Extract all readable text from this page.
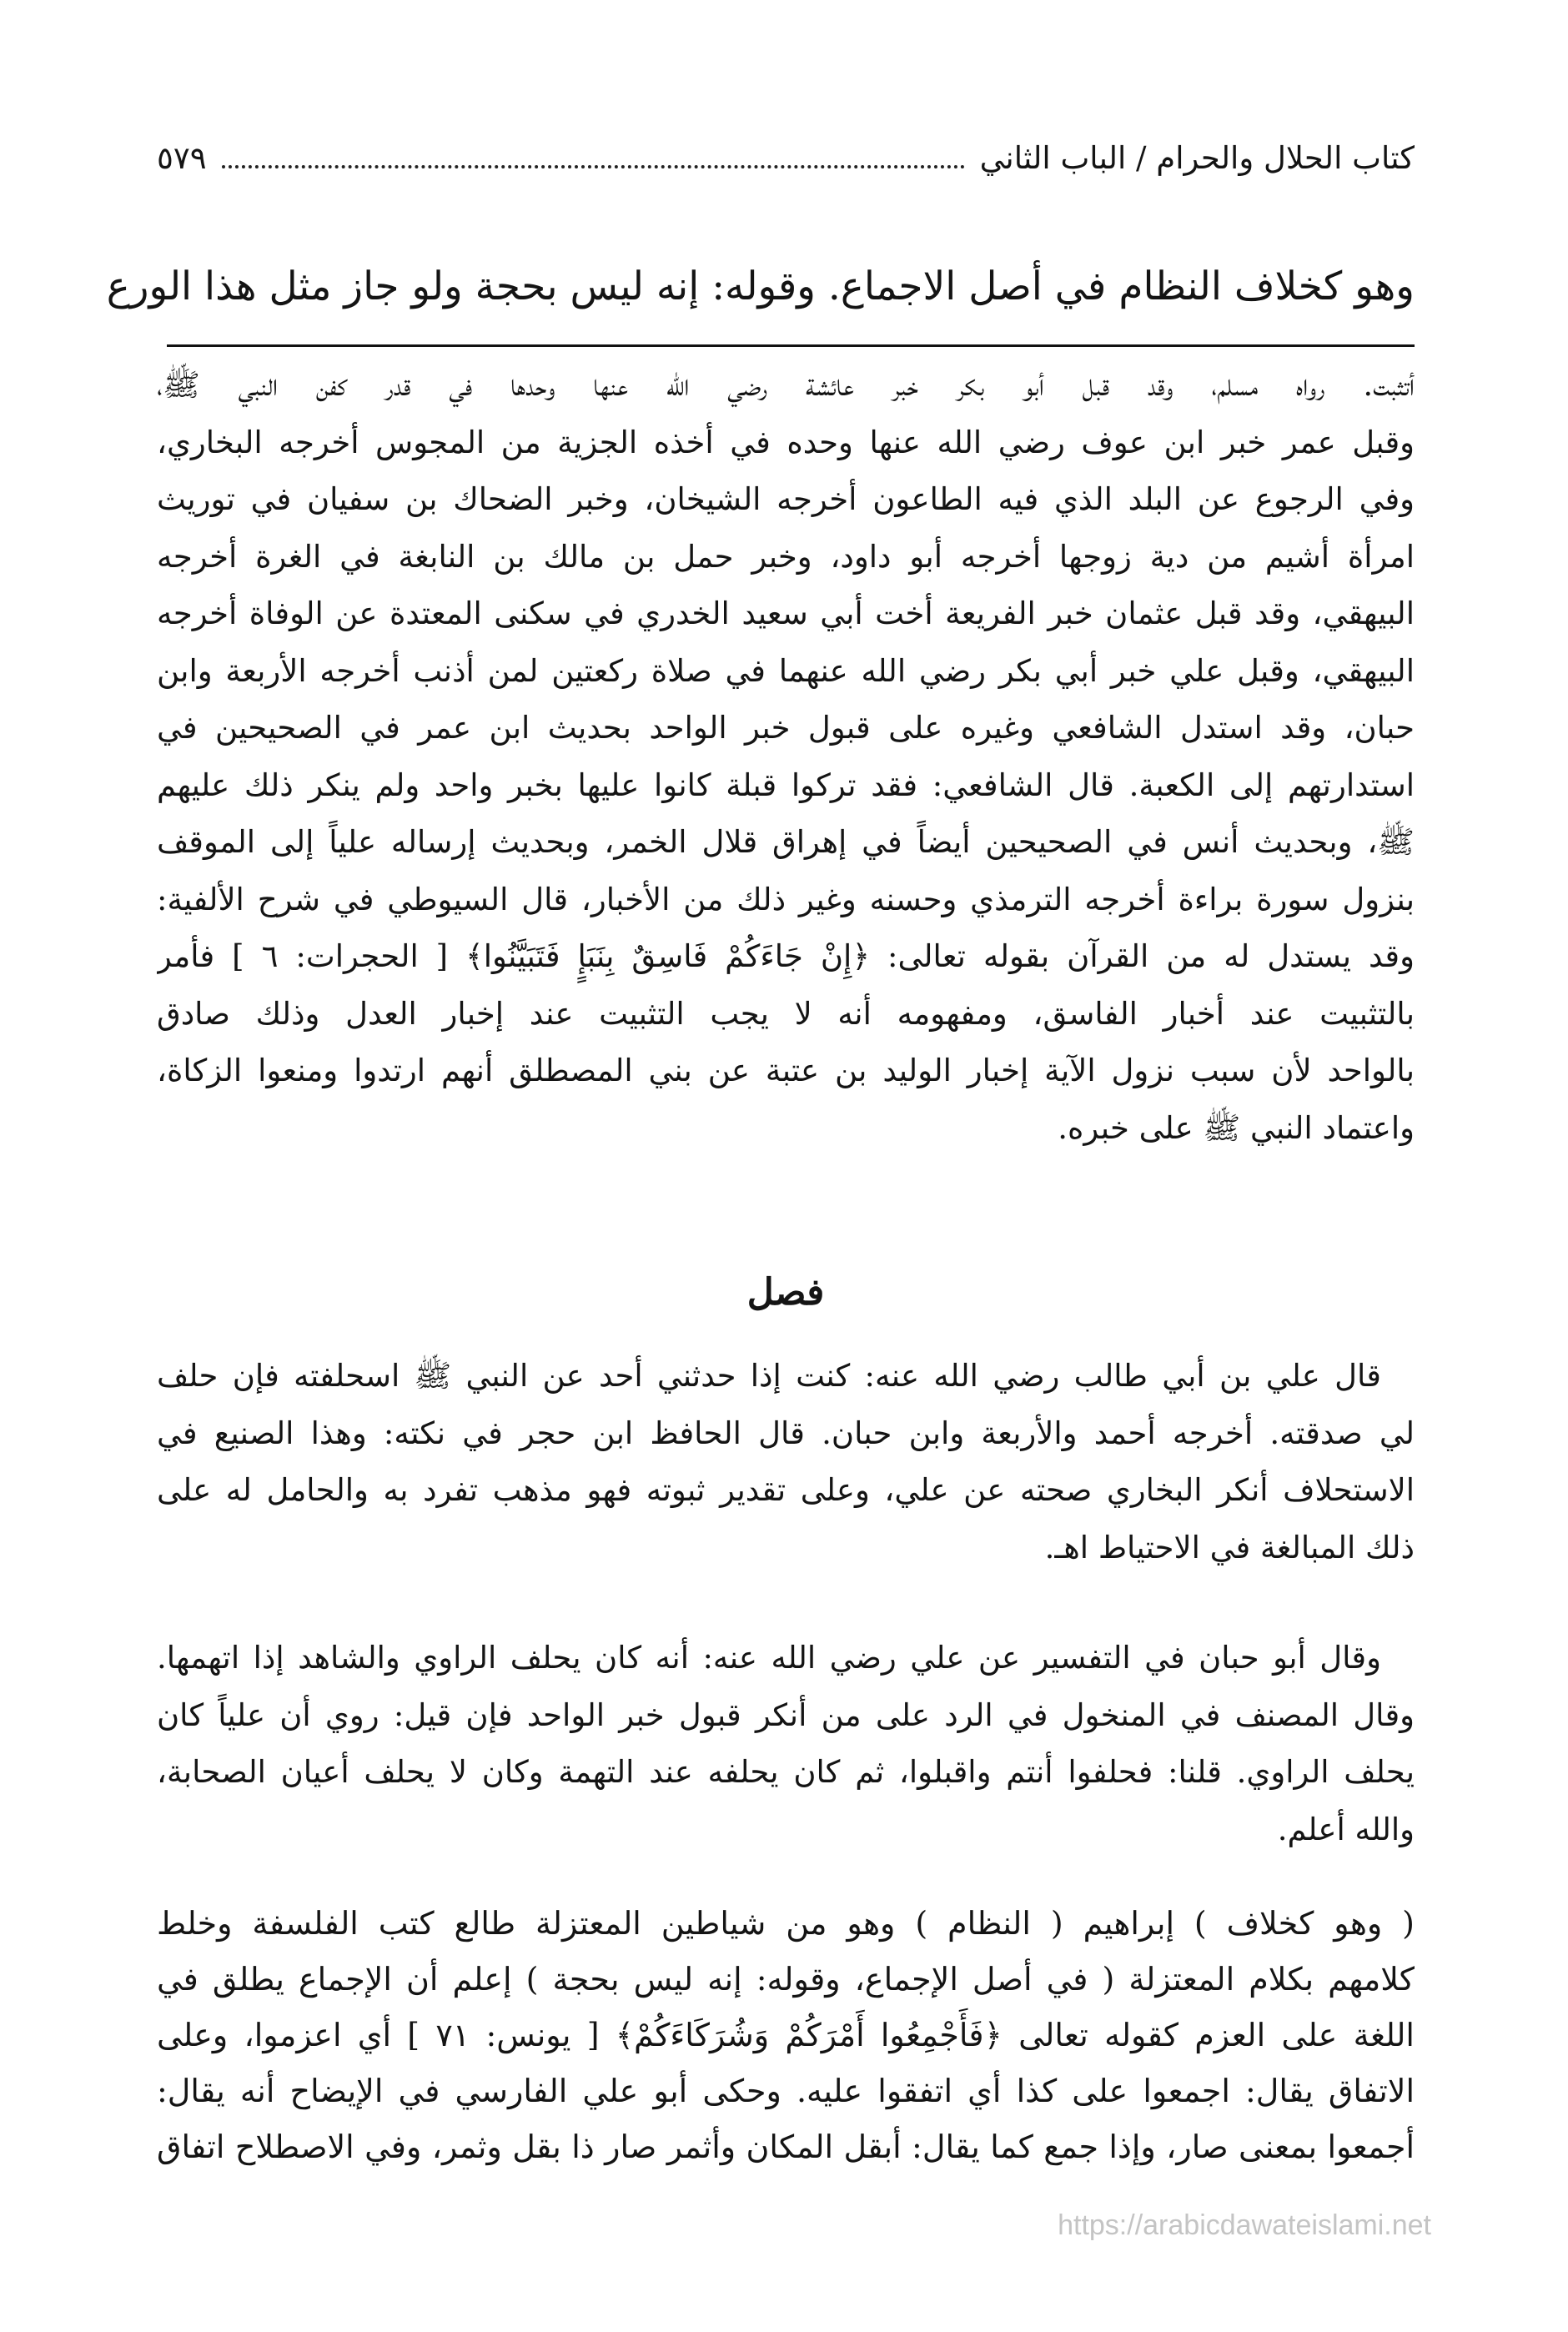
كتاب الحلال والحرام / الباب الثاني
٥٧٩
وهو كخلاف النظام في أصل الاجماع. وقوله: إنه ليس بحجة ولو جاز مثل هذا الورع
أتثبت. رواه مسلم، وقد قبل أبو بكر خبر عائشة رضي الله عنها وحدها في قدر كفن النبي ﷺ،
وقبل عمر خبر ابن عوف رضي الله عنها وحده في أخذه الجزية من المجوس أخرجه البخاري،
وفي الرجوع عن البلد الذي فيه الطاعون أخرجه الشيخان، وخبر الضحاك بن سفيان في توريث
امرأة أشيم من دية زوجها أخرجه أبو داود، وخبر حمل بن مالك بن النابغة في الغرة أخرجه
البيهقي، وقد قبل عثمان خبر الفريعة أخت أبي سعيد الخدري في سكنى المعتدة عن الوفاة أخرجه
البيهقي، وقبل علي خبر أبي بكر رضي الله عنهما في صلاة ركعتين لمن أذنب أخرجه الأربعة وابن
حبان، وقد استدل الشافعي وغيره على قبول خبر الواحد بحديث ابن عمر في الصحيحين في
استدارتهم إلى الكعبة. قال الشافعي: فقد تركوا قبلة كانوا عليها بخبر واحد ولم ينكر ذلك عليهم
ﷺ، وبحديث أنس في الصحيحين أيضاً في إهراق قلال الخمر، وبحديث إرساله علياً إلى الموقف
بنزول سورة براءة أخرجه الترمذي وحسنه وغير ذلك من الأخبار، قال السيوطي في شرح الألفية:
وقد يستدل له من القرآن بقوله تعالى: ﴿إِنْ جَاءَكُمْ فَاسِقٌ بِنَبَإٍ فَتَبَيَّنُوا﴾ [ الحجرات: ٦ ] فأمر
بالتثبيت عند أخبار الفاسق، ومفهومه أنه لا يجب التثبيت عند إخبار العدل وذلك صادق
بالواحد لأن سبب نزول الآية إخبار الوليد بن عتبة عن بني المصطلق أنهم ارتدوا ومنعوا الزكاة،
واعتماد النبي ﷺ على خبره.
فصل
قال علي بن أبي طالب رضي الله عنه: كنت إذا حدثني أحد عن النبي ﷺ اسحلفته فإن حلف
لي صدقته. أخرجه أحمد والأربعة وابن حبان. قال الحافظ ابن حجر في نكته: وهذا الصنيع في
الاستحلاف أنكر البخاري صحته عن علي، وعلى تقدير ثبوته فهو مذهب تفرد به والحامل له على
ذلك المبالغة في الاحتياط اهـ.
وقال أبو حبان في التفسير عن علي رضي الله عنه: أنه كان يحلف الراوي والشاهد إذا اتهمها.
وقال المصنف في المنخول في الرد على من أنكر قبول خبر الواحد فإن قيل: روي أن علياً كان
يحلف الراوي. قلنا: فحلفوا أنتم واقبلوا، ثم كان يحلفه عند التهمة وكان لا يحلف أعيان الصحابة،
والله أعلم.
( وهو كخلاف ) إبراهيم ( النظام ) وهو من شياطين المعتزلة طالع كتب الفلسفة وخلط
كلامهم بكلام المعتزلة ( في أصل الإجماع، وقوله: إنه ليس بحجة ) إعلم أن الإجماع يطلق في
اللغة على العزم كقوله تعالى ﴿فَأَجْمِعُوا أَمْرَكُمْ وَشُرَكَاءَكُمْ﴾ [ يونس: ٧١ ] أي اعزموا، وعلى
الاتفاق يقال: اجمعوا على كذا أي اتفقوا عليه. وحكى أبو علي الفارسي في الإيضاح أنه يقال:
أجمعوا بمعنى صار، وإذا جمع كما يقال: أبقل المكان وأثمر صار ذا بقل وثمر، وفي الاصطلاح اتفاق
https://arabicdawateislami.net
